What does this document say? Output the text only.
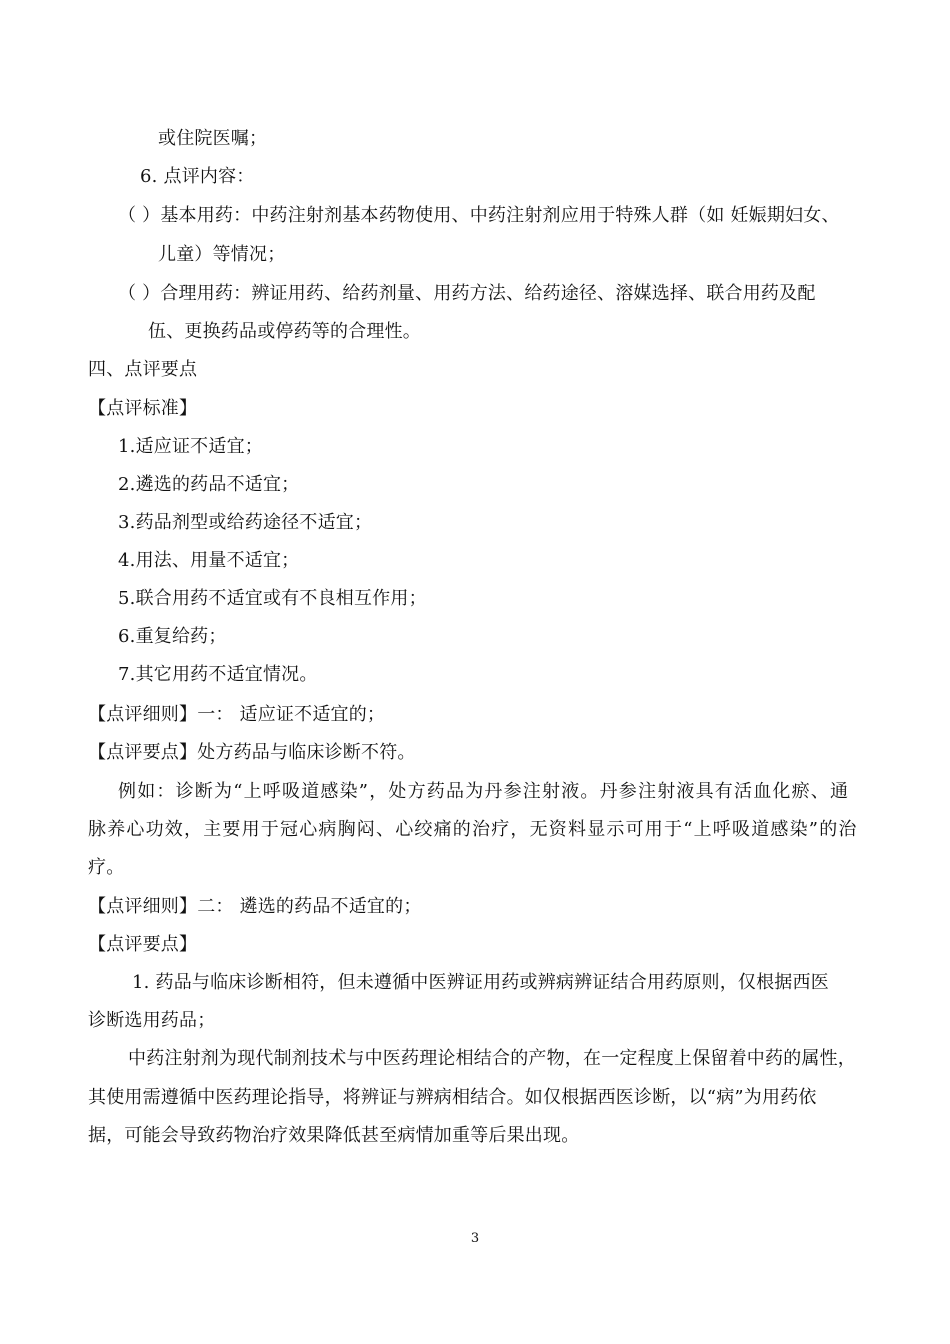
或住院医嘱；
6. 点评内容：
（ ）基本用药：中药注射剂基本药物使用、中药注射剂应用于特殊人群（如 妊娠期妇女、
儿童）等情况；
（ ）合理用药：辨证用药、给药剂量、用药方法、给药途径、溶媒选择、联合用药及配
伍、更换药品或停药等的合理性。
四、点评要点
【点评标准】
1.适应证不适宜；
2.遴选的药品不适宜；
3.药品剂型或给药途径不适宜；
4.用法、用量不适宜；
5.联合用药不适宜或有不良相互作用；
6.重复给药；
7.其它用药不适宜情况。
【点评细则】一： 适应证不适宜的；
【点评要点】处方药品与临床诊断不符。
例如：诊断为“上呼吸道感染”，处方药品为丹参注射液。丹参注射液具有活血化瘀、通
脉养心功效，主要用于冠心病胸闷、心绞痛的治疗，无资料显示可用于“上呼吸道感染”的治
疗。
【点评细则】二： 遴选的药品不适宜的；
【点评要点】
1. 药品与临床诊断相符，但未遵循中医辨证用药或辨病辨证结合用药原则，仅根据西医
诊断选用药品；
中药注射剂为现代制剂技术与中医药理论相结合的产物，在一定程度上保留着中药的属性，
其使用需遵循中医药理论指导，将辨证与辨病相结合。如仅根据西医诊断，以“病”为用药依
据，可能会导致药物治疗效果降低甚至病情加重等后果出现。
3
